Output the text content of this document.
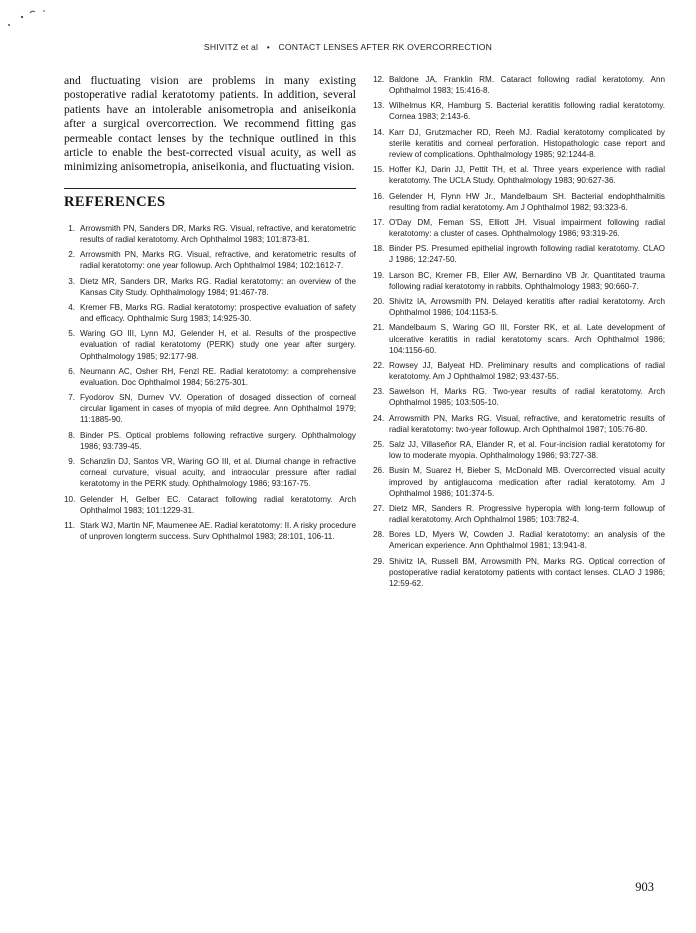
SHIVITZ et al • CONTACT LENSES AFTER RK OVERCORRECTION

and fluctuating vision are problems in many existing postoperative radial keratotomy patients. In addition, several patients have an intolerable anisometropia and aniseikonia after a surgical overcorrection. We recommend fitting gas permeable contact lenses by the technique outlined in this article to enable the best-corrected visual acuity, as well as minimizing anisometropia, aniseikonia, and fluctuating vision.

REFERENCES
1. Arrowsmith PN, Sanders DR, Marks RG. Visual, refractive, and keratometric results of radial keratotomy. Arch Ophthalmol 1983; 101:873-81.
2. Arrowsmith PN, Marks RG. Visual, refractive, and keratometric results of radial keratotomy: one year followup. Arch Ophthalmol 1984; 102:1612-7.
3. Dietz MR, Sanders DR, Marks RG. Radial keratotomy: an overview of the Kansas City Study. Ophthalmology 1984; 91:467-78.
4. Kremer FB, Marks RG. Radial keratotomy: prospective evaluation of safety and efficacy. Ophthalmic Surg 1983; 14:925-30.
5. Waring GO III, Lynn MJ, Gelender H, et al. Results of the prospective evaluation of radial keratotomy (PERK) study one year after surgery. Ophthalmology 1985; 92:177-98.
6. Neumann AC, Osher RH, Fenzl RE. Radial keratotomy: a comprehensive evaluation. Doc Ophthalmol 1984; 56:275-301.
7. Fyodorov SN, Durnev VV. Operation of dosaged dissection of corneal circular ligament in cases of myopia of mild degree. Ann Ophthalmol 1979; 11:1885-90.
8. Binder PS. Optical problems following refractive surgery. Ophthalmology 1986; 93:739-45.
9. Schanzlin DJ, Santos VR, Waring GO III, et al. Diurnal change in refractive corneal curvature, visual acuity, and intraocular pressure after radial keratotomy in the PERK study. Ophthalmology 1986; 93:167-75.
10. Gelender H, Gelber EC. Cataract following radial keratotomy. Arch Ophthalmol 1983; 101:1229-31.
11. Stark WJ, Martin NF, Maumenee AE. Radial keratotomy: II. A risky procedure of unproven longterm success. Surv Ophthalmol 1983; 28:101, 106-11.
12. Baldone JA, Franklin RM. Cataract following radial keratotomy. Ann Ophthalmol 1983; 15:416-8.
13. Wilhelmus KR, Hamburg S. Bacterial keratitis following radial keratotomy. Cornea 1983; 2:143-6.
14. Karr DJ, Grutzmacher RD, Reeh MJ. Radial keratotomy complicated by sterile keratitis and corneal perforation. Histopathologic case report and review of complications. Ophthalmology 1985; 92:1244-8.
15. Hoffer KJ, Darin JJ, Pettit TH, et al. Three years experience with radial keratotomy. The UCLA Study. Ophthalmology 1983; 90:627-36.
16. Gelender H, Flynn HW Jr., Mandelbaum SH. Bacterial endophthalmitis resulting from radial keratotomy. Am J Ophthalmol 1982; 93:323-6.
17. O'Day DM, Feman SS, Elliott JH. Visual impairment following radial keratotomy: a cluster of cases. Ophthalmology 1986; 93:319-26.
18. Binder PS. Presumed epithelial ingrowth following radial keratotomy. CLAO J 1986; 12:247-50.
19. Larson BC, Kremer FB, Eller AW, Bernardino VB Jr. Quantitated trauma following radial keratotomy in rabbits. Ophthalmology 1983; 90:660-7.
20. Shivitz IA, Arrowsmith PN. Delayed keratitis after radial keratotomy. Arch Ophthalmol 1986; 104:1153-5.
21. Mandelbaum S, Waring GO III, Forster RK, et al. Late development of ulcerative keratitis in radial keratotomy scars. Arch Ophthalmol 1986; 104:1156-60.
22. Rowsey JJ, Balyeat HD. Preliminary results and complications of radial keratotomy. Am J Ophthalmol 1982; 93:437-55.
23. Sawelson H, Marks RG. Two-year results of radial keratotomy. Arch Ophthalmol 1985; 103:505-10.
24. Arrowsmith PN, Marks RG. Visual, refractive, and keratometric results of radial keratotomy: two-year followup. Arch Ophthalmol 1987; 105:76-80.
25. Salz JJ, Villaseñor RA, Elander R, et al. Four-incision radial keratotomy for low to moderate myopia. Ophthalmology 1986; 93:727-38.
26. Busin M, Suarez H, Bieber S, McDonald MB. Overcorrected visual acuity improved by antiglaucoma medication after radial keratotomy. Am J Ophthalmol 1986; 101:374-5.
27. Dietz MR, Sanders R. Progressive hyperopia with long-term followup of radial keratotomy. Arch Ophthalmol 1985; 103:782-4.
28. Bores LD, Myers W, Cowden J. Radial keratotomy: an analysis of the American experience. Ann Ophthalmol 1981; 13:941-8.
29. Shivitz IA, Russell BM, Arrowsmith PN, Marks RG. Optical correction of postoperative radial keratotomy patients with contact lenses. CLAO J 1986; 12:59-62.
903
